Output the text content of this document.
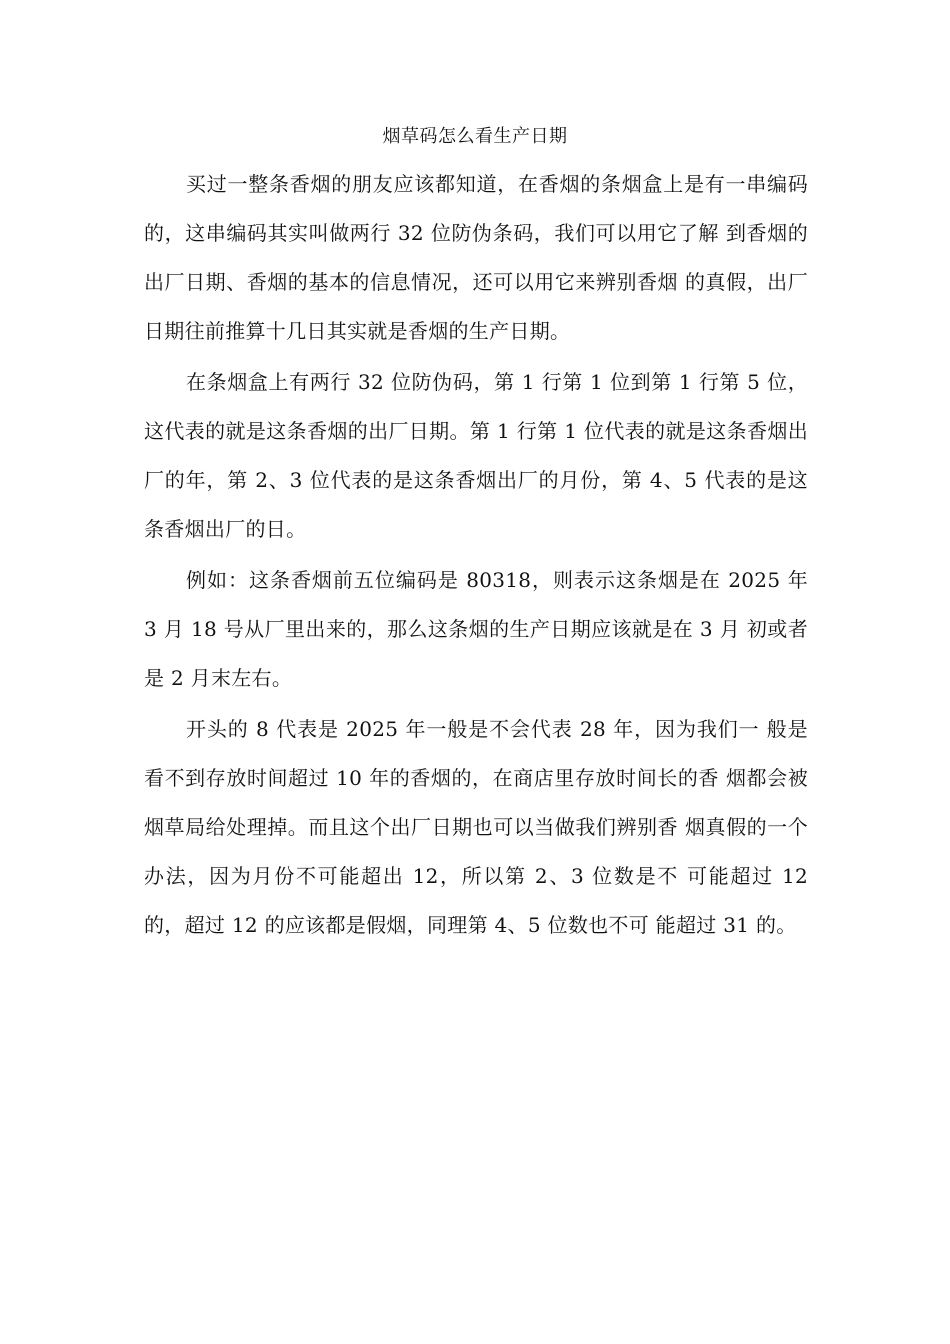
烟草码怎么看生产日期

买过一整条香烟的朋友应该都知道，在香烟的条烟盒上是有一串编码的，这串编码其实叫做两行 32 位防伪条码，我们可以用它了解 到香烟的出厂日期、香烟的基本的信息情况，还可以用它来辨别香烟 的真假，出厂日期往前推算十几日其实就是香烟的生产日期。

在条烟盒上有两行 32 位防伪码，第 1 行第 1 位到第 1 行第 5 位，这代表的就是这条香烟的出厂日期。第 1 行第 1 位代表的就是这条香烟出厂的年，第 2、3 位代表的是这条香烟出厂的月份，第 4、5 代表的是这条香烟出厂的日。

例如：这条香烟前五位编码是 80318，则表示这条烟是在 2025 年 3 月 18 号从厂里出来的，那么这条烟的生产日期应该就是在 3 月 初或者是 2 月末左右。

开头的 8 代表是 2025 年一般是不会代表 28 年，因为我们一 般是看不到存放时间超过 10 年的香烟的，在商店里存放时间长的香 烟都会被烟草局给处理掉。而且这个出厂日期也可以当做我们辨别香 烟真假的一个办法，因为月份不可能超出 12，所以第 2、3 位数是不 可能超过 12 的，超过 12 的应该都是假烟，同理第 4、5 位数也不可 能超过 31 的。
